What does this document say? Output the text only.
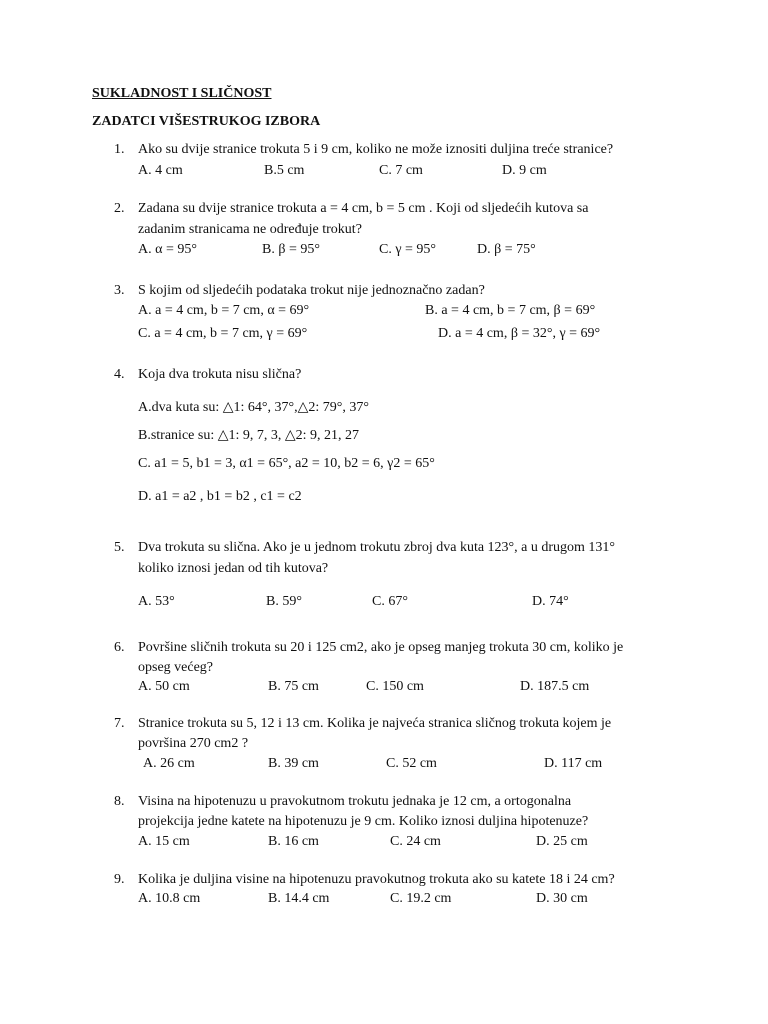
SUKLADNOST I SLIČNOST
ZADATCI VIŠESTRUKOG IZBORA
1. Ako su dvije stranice trokuta 5 i 9 cm, koliko ne može iznositi duljina treće stranice?
A. 4 cm	B.5 cm	C. 7 cm	D. 9 cm
2. Zadana su dvije stranice trokuta a = 4 cm, b = 5 cm . Koji od sljedećih kutova sa
zadanim stranicama ne određuje trokut?
A. α = 95°	B. β = 95°	C. γ = 95°	D. β = 75°
3. S kojim od sljedećih podataka trokut nije jednoznačno zadan?
A. a = 4 cm, b = 7 cm, α = 69°	B. a = 4 cm, b = 7 cm, β = 69°
C. a = 4 cm, b = 7 cm, γ = 69°	D. a = 4 cm, β = 32°, γ = 69°
4. Koja dva trokuta nisu slična?
A.dva kuta su: △1: 64°, 37°,△2: 79°, 37°
B.stranice su: △1: 9, 7, 3, △2: 9, 21, 27
C. a1 = 5, b1 = 3, α1 = 65°, a2 = 10, b2 = 6, γ2 = 65°
D. a1 = a2 , b1 = b2 , c1 = c2
5. Dva trokuta su slična. Ako je u jednom trokutu zbroj dva kuta 123°, a u drugom 131°
koliko iznosi jedan od tih kutova?
A. 53°	B. 59°	C. 67°	D. 74°
6. Površine sličnih trokuta su 20 i 125 cm2, ako je opseg manjeg trokuta 30 cm, koliko je
opseg većeg?
A. 50 cm	B. 75 cm	C. 150 cm	D. 187.5 cm
7. Stranice trokuta su 5, 12 i 13 cm. Kolika je najveća stranica sličnog trokuta kojem je
površina 270 cm2 ?
A. 26 cm	B. 39 cm	C. 52 cm	D. 117 cm
8. Visina na hipotenuzu u pravokutnom trokutu jednaka je 12 cm, a ortogonalna
projekcija jedne katete na hipotenuzu je 9 cm. Koliko iznosi duljina hipotenuze?
A. 15 cm	B. 16 cm	C. 24 cm	D. 25 cm
9. Kolika je duljina visine na hipotenuzu pravokutnog trokuta ako su katete 18 i 24 cm?
A. 10.8 cm	B. 14.4 cm	C. 19.2 cm	D. 30 cm
